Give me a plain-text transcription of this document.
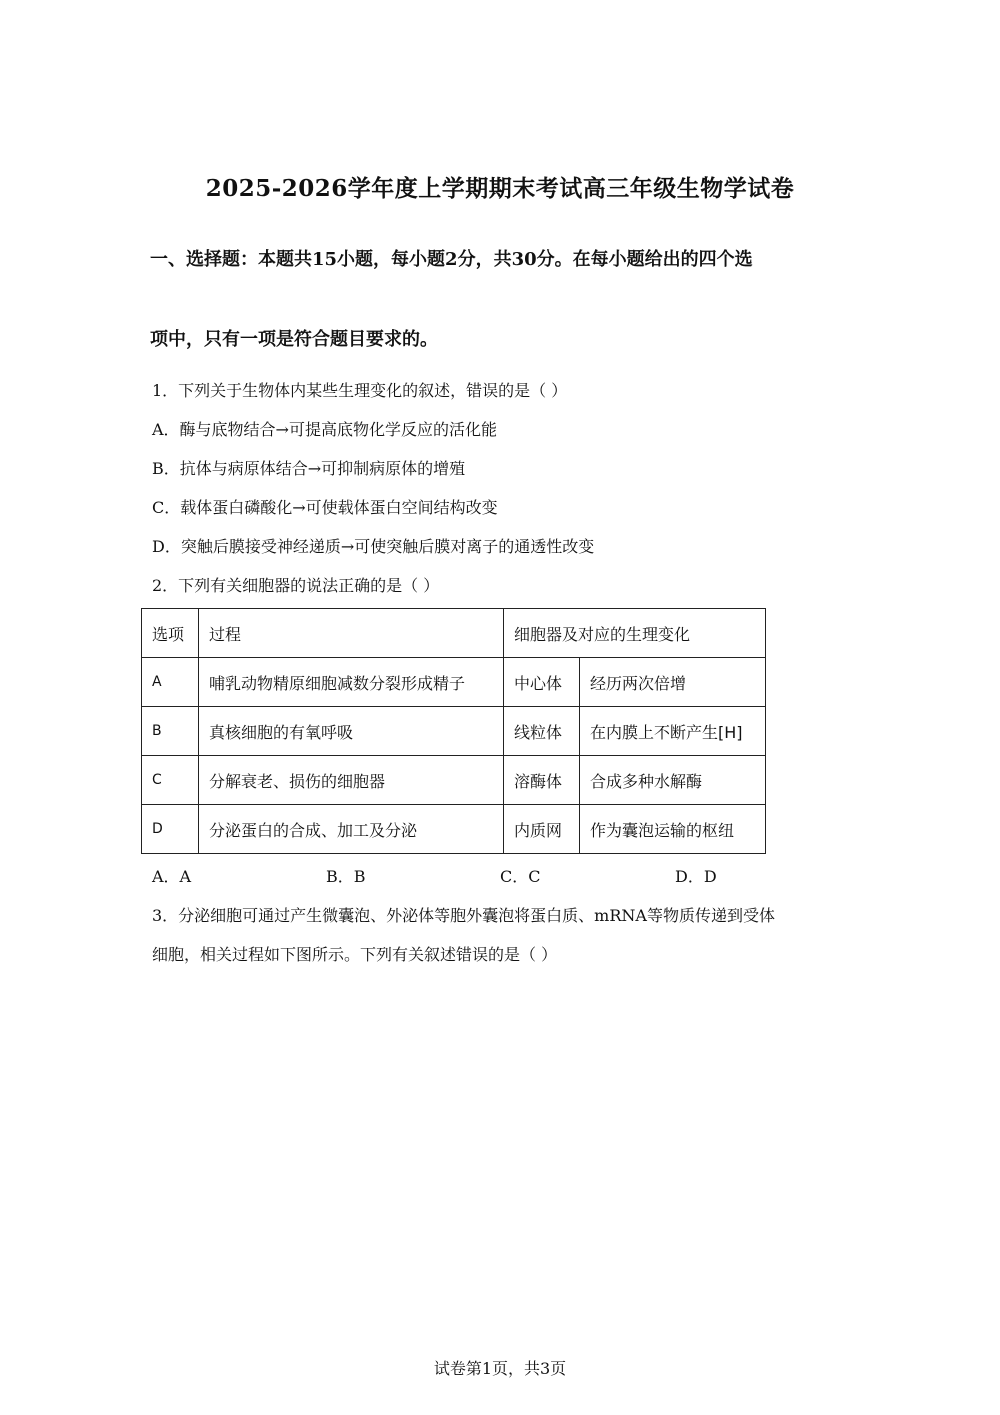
2025-2026学年度上学期期末考试高三年级生物学试卷
一、选择题：本题共15小题，每小题2分，共30分。在每小题给出的四个选
项中，只有一项是符合题目要求的。
1．下列关于生物体内某些生理变化的叙述，错误的是（ ）
A．酶与底物结合→可提高底物化学反应的活化能
B．抗体与病原体结合→可抑制病原体的增殖
C．载体蛋白磷酸化→可使载体蛋白空间结构改变
D．突触后膜接受神经递质→可使突触后膜对离子的通透性改变
2．下列有关细胞器的说法正确的是（ ）
选项	过程	细胞器及对应的生理变化	
A	哺乳动物精原细胞减数分裂形成精子	中心体	经历两次倍增
B	真核细胞的有氧呼吸	线粒体	在内膜上不断产生[H]
C	分解衰老、损伤的细胞器	溶酶体	合成多种水解酶
D	分泌蛋白的合成、加工及分泌	内质网	作为囊泡运输的枢纽
A．A	B．B	C．C	D．D
3．分泌细胞可通过产生微囊泡、外泌体等胞外囊泡将蛋白质、mRNA等物质传递到受体
细胞，相关过程如下图所示。下列有关叙述错误的是（ ）
试卷第1页，共3页
